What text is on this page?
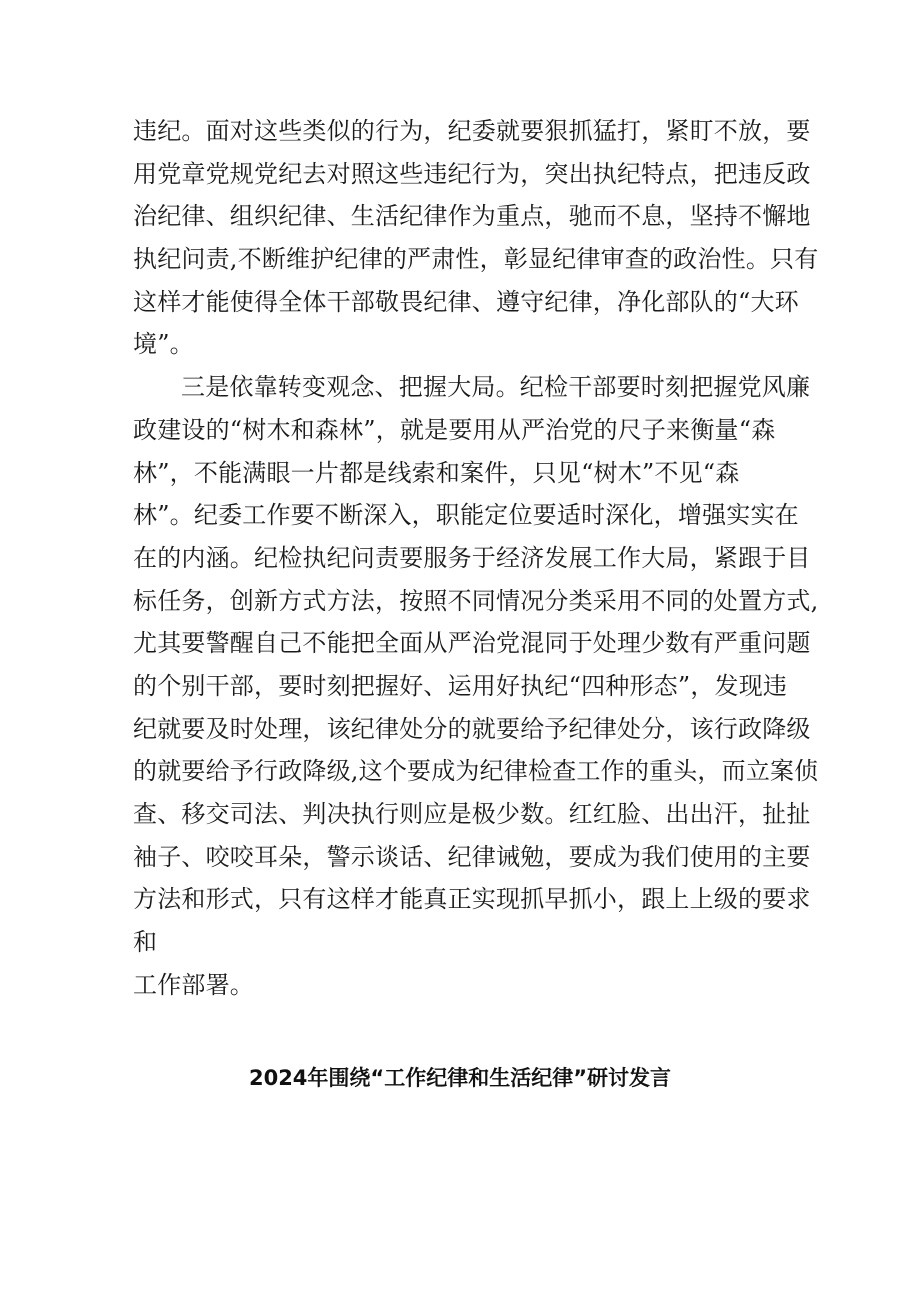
违纪。面对这些类似的行为，纪委就要狠抓猛打，紧盯不放，要
用党章党规党纪去对照这些违纪行为，突出执纪特点，把违反政
治纪律、组织纪律、生活纪律作为重点，驰而不息，坚持不懈地
执纪问责,不断维护纪律的严肃性，彰显纪律审查的政治性。只有
这样才能使得全体干部敬畏纪律、遵守纪律，净化部队的“大环
境”。
三是依靠转变观念、把握大局。纪检干部要时刻把握党风廉
政建设的“树木和森林”，就是要用从严治党的尺子来衡量“森
林”，不能满眼一片都是线索和案件，只见“树木”不见“森
林”。纪委工作要不断深入，职能定位要适时深化，增强实实在
在的内涵。纪检执纪问责要服务于经济发展工作大局，紧跟于目
标任务，创新方式方法，按照不同情况分类采用不同的处置方式,
尤其要警醒自己不能把全面从严治党混同于处理少数有严重问题
的个别干部，要时刻把握好、运用好执纪“四种形态”，发现违
纪就要及时处理，该纪律处分的就要给予纪律处分，该行政降级
的就要给予行政降级,这个要成为纪律检查工作的重头，而立案侦
查、移交司法、判决执行则应是极少数。红红脸、出出汗，扯扯
袖子、咬咬耳朵，警示谈话、纪律诫勉，要成为我们使用的主要
方法和形式，只有这样才能真正实现抓早抓小，跟上上级的要求
和
工作部署。
2024年围绕“工作纪律和生活纪律”研讨发言
